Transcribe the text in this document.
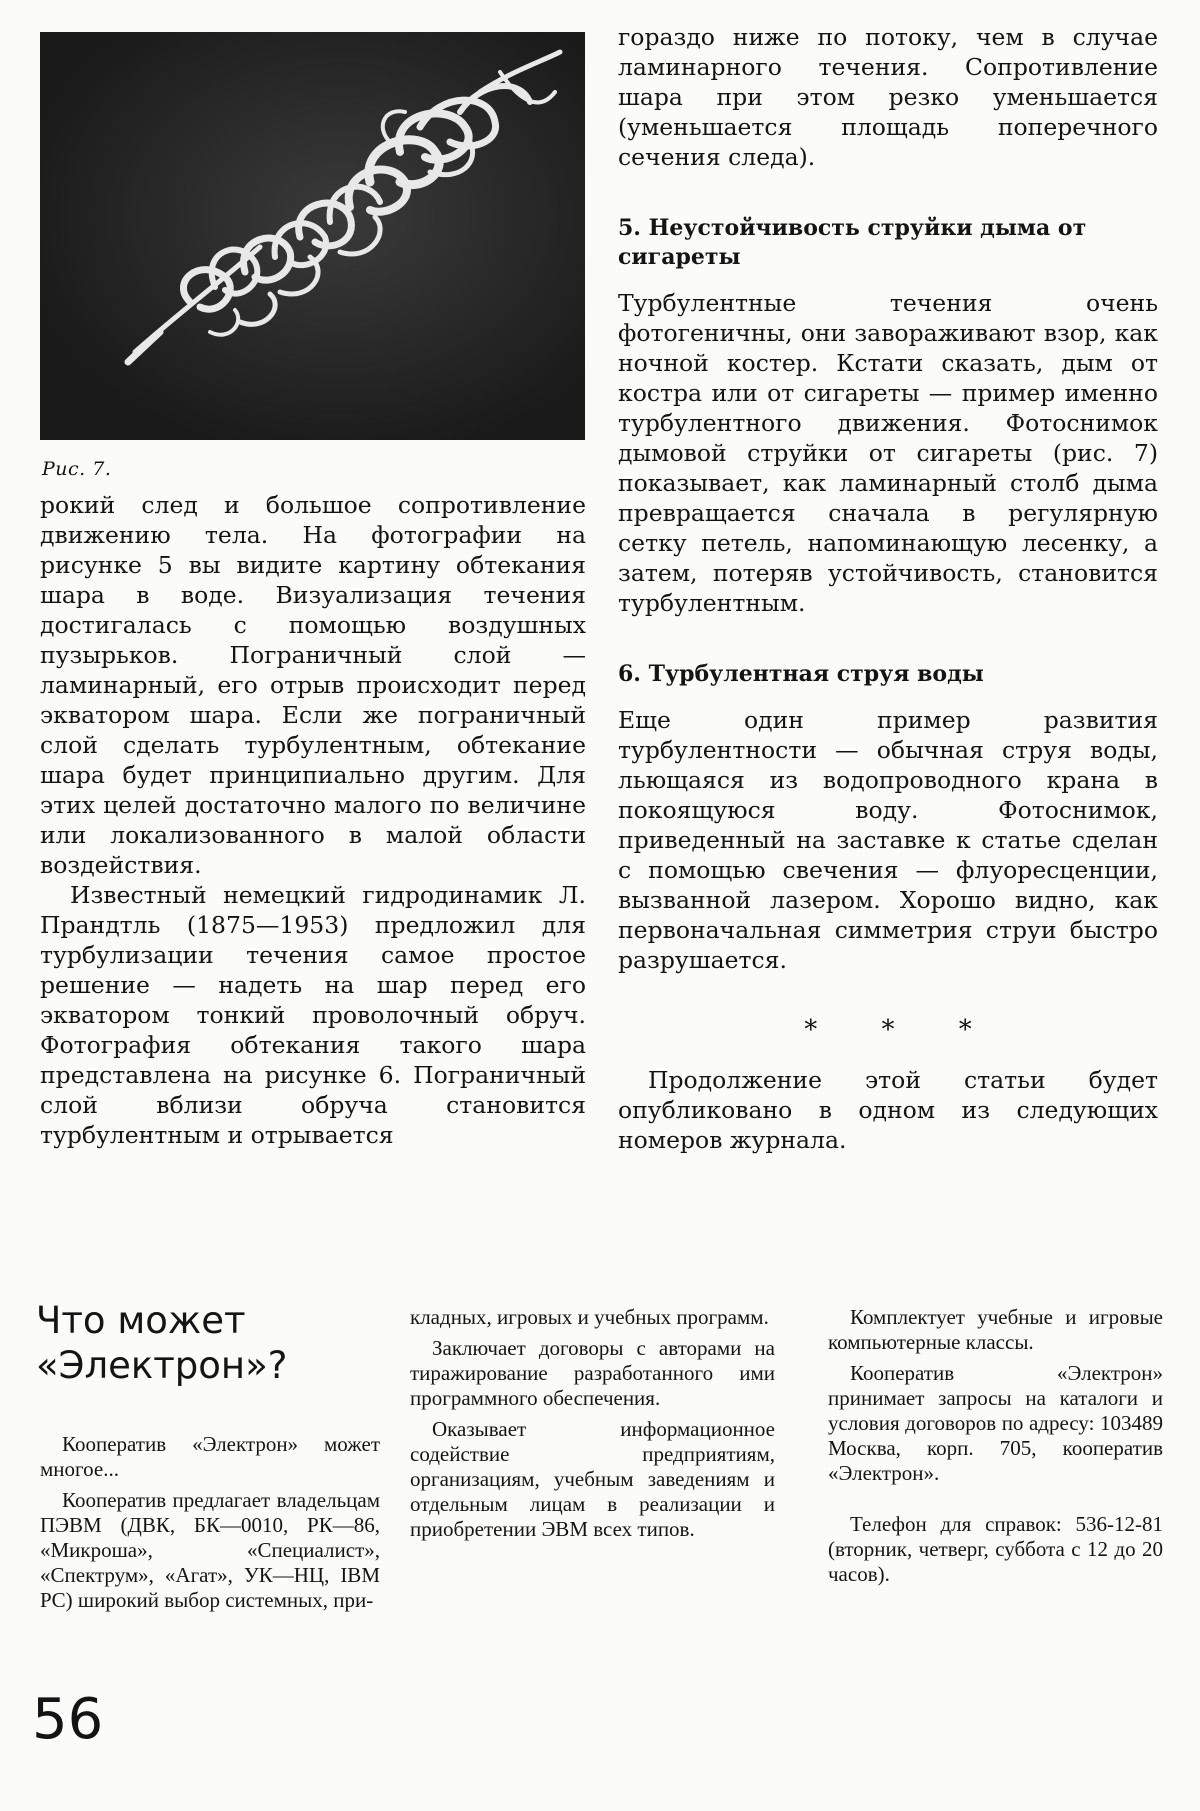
Рис. 7.

рокий след и большое сопротивление движению тела. На фотографии на рисунке 5 вы видите картину обтекания шара в воде. Визуализация течения достигалась с помощью воздушных пузырьков. Пограничный слой — ламинарный, его отрыв происходит перед экватором шара. Если же пограничный слой сделать турбулентным, обтекание шара будет принципиально другим. Для этих целей достаточно малого по величине или локализованного в малой области воздействия.

Известный немецкий гидродинамик Л. Прандтль (1875—1953) предложил для турбулизации течения самое простое решение — надеть на шар перед его экватором тонкий проволочный обруч. Фотография обтекания такого шара представлена на рисунке 6. Пограничный слой вблизи обруча становится турбулентным и отрывается

гораздо ниже по потоку, чем в случае ламинарного течения. Сопротивление шара при этом резко уменьшается (уменьшается площадь поперечного сечения следа).

5. Неустойчивость струйки дыма от сигареты

Турбулентные течения очень фотогеничны, они завораживают взор, как ночной костер. Кстати сказать, дым от костра или от сигареты — пример именно турбулентного движения. Фотоснимок дымовой струйки от сигареты (рис. 7) показывает, как ламинарный столб дыма превращается сначала в регулярную сетку петель, напоминающую лесенку, а затем, потеряв устойчивость, становится турбулентным.

6. Турбулентная струя воды

Еще один пример развития турбулентности — обычная струя воды, льющаяся из водопроводного крана в покоящуюся воду. Фотоснимок, приведенный на заставке к статье сделан с помощью свечения — флуоресценции, вызванной лазером. Хорошо видно, как первоначальная симметрия струи быстро разрушается.

* * *

Продолжение этой статьи будет опубликовано в одном из следующих номеров журнала.

Что может «Электрон»?

Кооператив «Электрон» может многое...

Кооператив предлагает владельцам ПЭВМ (ДВК, БК—0010, РК—86, «Микроша», «Специалист», «Спектрум», «Агат», УК—НЦ, IBM PC) широкий выбор системных, при-

кладных, игровых и учебных программ.

Заключает договоры с авторами на тиражирование разработанного ими программного обеспечения.

Оказывает информационное содействие предприятиям, организациям, учебным заведениям и отдельным лицам в реализации и приобретении ЭВМ всех типов.

Комплектует учебные и игровые компьютерные классы.

Кооператив «Электрон» принимает запросы на каталоги и условия договоров по адресу: 103489 Москва, корп. 705, кооператив «Электрон».

Телефон для справок: 536-12-81 (вторник, четверг, суббота с 12 до 20 часов).

56
